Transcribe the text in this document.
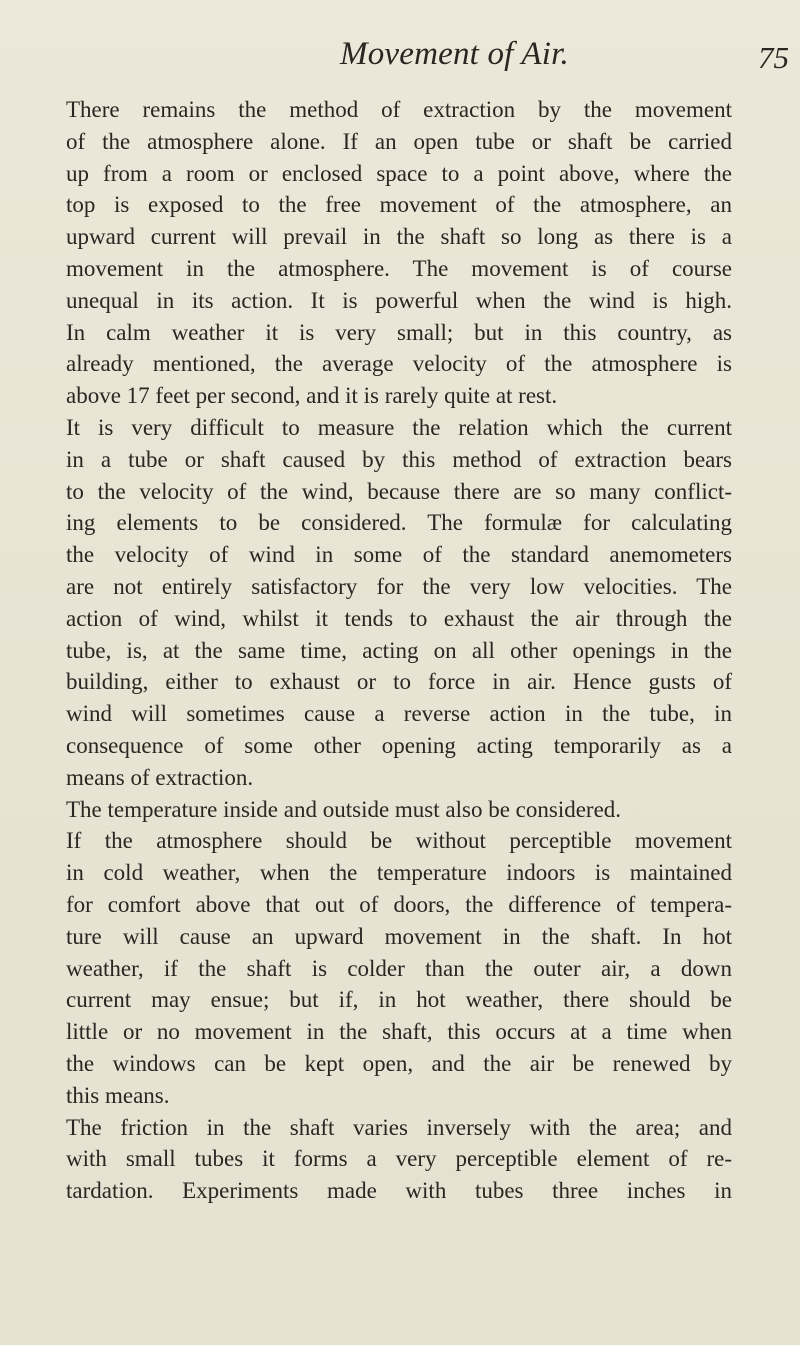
Movement of Air.	75

There remains the method of extraction by the movement
of the atmosphere alone. If an open tube or shaft be carried
up from a room or enclosed space to a point above, where the
top is exposed to the free movement of the atmosphere, an
upward current will prevail in the shaft so long as there is a
movement in the atmosphere. The movement is of course
unequal in its action. It is powerful when the wind is high.
In calm weather it is very small; but in this country, as
already mentioned, the average velocity of the atmosphere is
above 17 feet per second, and it is rarely quite at rest.

It is very difficult to measure the relation which the current
in a tube or shaft caused by this method of extraction bears
to the velocity of the wind, because there are so many conflict-
ing elements to be considered. The formulæ for calculating
the velocity of wind in some of the standard anemometers
are not entirely satisfactory for the very low velocities. The
action of wind, whilst it tends to exhaust the air through the
tube, is, at the same time, acting on all other openings in the
building, either to exhaust or to force in air. Hence gusts of
wind will sometimes cause a reverse action in the tube, in
consequence of some other opening acting temporarily as a
means of extraction.

The temperature inside and outside must also be considered.

If the atmosphere should be without perceptible movement
in cold weather, when the temperature indoors is maintained
for comfort above that out of doors, the difference of tempera-
ture will cause an upward movement in the shaft. In hot
weather, if the shaft is colder than the outer air, a down
current may ensue; but if, in hot weather, there should be
little or no movement in the shaft, this occurs at a time when
the windows can be kept open, and the air be renewed by
this means.

The friction in the shaft varies inversely with the area; and
with small tubes it forms a very perceptible element of re-
tardation. Experiments made with tubes three inches in
